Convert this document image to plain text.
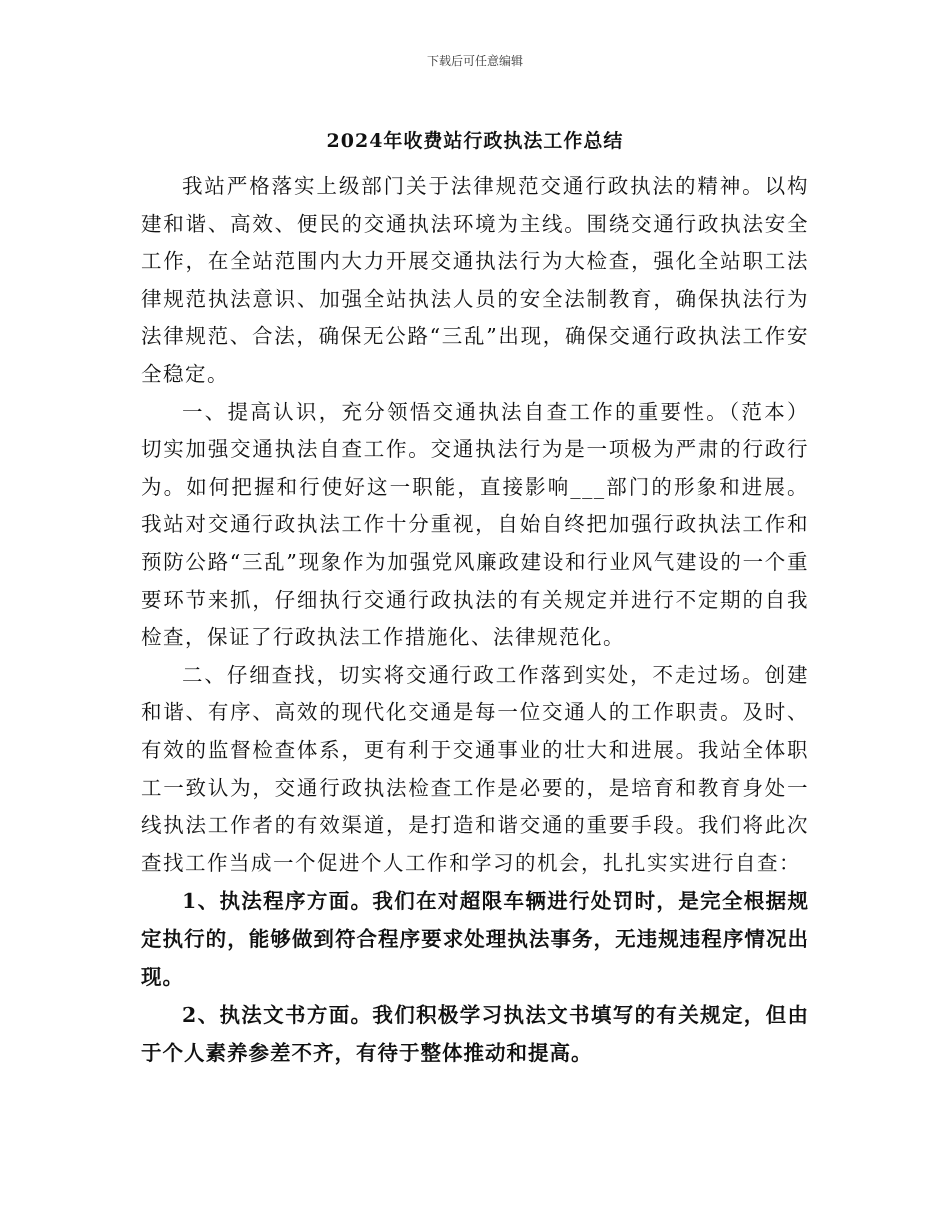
下载后可任意编辑
2024年收费站行政执法工作总结

我站严格落实上级部门关于法律规范交通行政执法的精神。以构建和谐、高效、便民的交通执法环境为主线。围绕交通行政执法安全工作，在全站范围内大力开展交通执法行为大检查，强化全站职工法律规范执法意识、加强全站执法人员的安全法制教育，确保执法行为法律规范、合法，确保无公路“三乱”出现，确保交通行政执法工作安全稳定。

一、提高认识，充分领悟交通执法自查工作的重要性。（范本）切实加强交通执法自查工作。交通执法行为是一项极为严肃的行政行为。如何把握和行使好这一职能，直接影响___部门的形象和进展。我站对交通行政执法工作十分重视，自始自终把加强行政执法工作和预防公路“三乱”现象作为加强党风廉政建设和行业风气建设的一个重要环节来抓，仔细执行交通行政执法的有关规定并进行不定期的自我检查，保证了行政执法工作措施化、法律规范化。

二、仔细查找，切实将交通行政工作落到实处，不走过场。创建和谐、有序、高效的现代化交通是每一位交通人的工作职责。及时、有效的监督检查体系，更有利于交通事业的壮大和进展。我站全体职工一致认为，交通行政执法检查工作是必要的，是培育和教育身处一线执法工作者的有效渠道，是打造和谐交通的重要手段。我们将此次查找工作当成一个促进个人工作和学习的机会，扎扎实实进行自查：

1、执法程序方面。我们在对超限车辆进行处罚时，是完全根据规定执行的，能够做到符合程序要求处理执法事务，无违规违程序情况出现。

2、执法文书方面。我们积极学习执法文书填写的有关规定，但由于个人素养参差不齐，有待于整体推动和提高。
